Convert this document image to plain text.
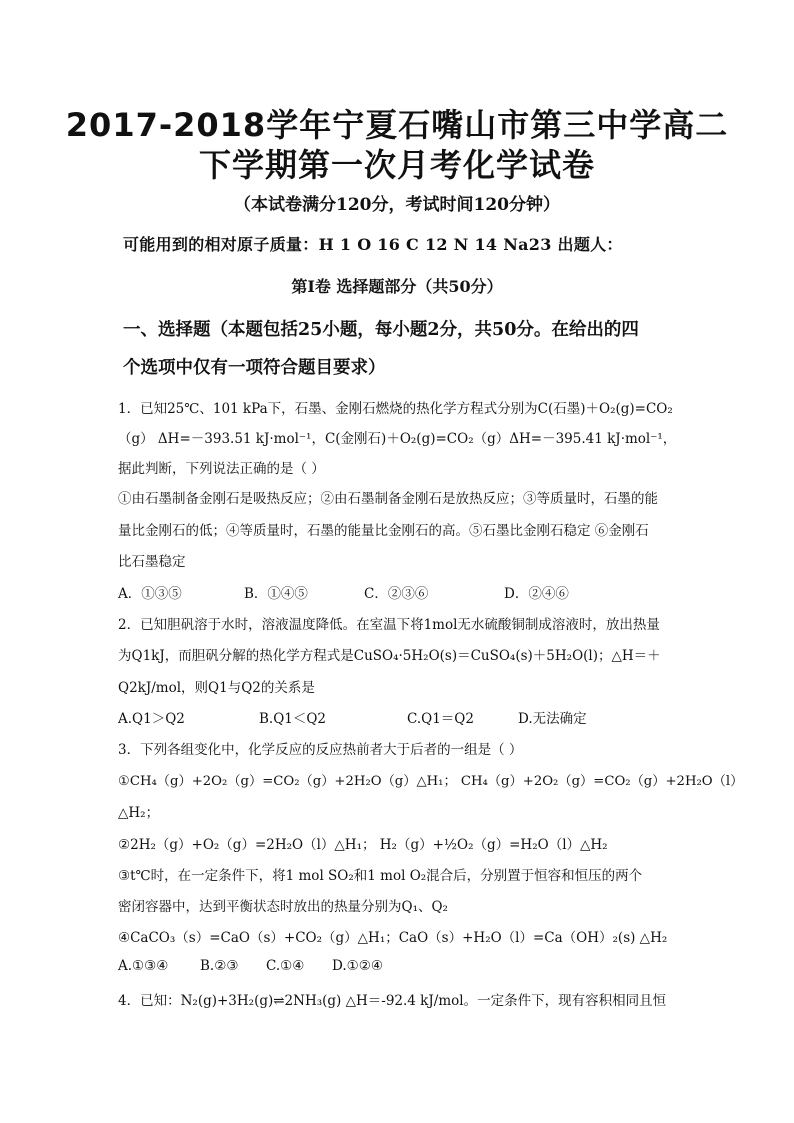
2017-2018学年宁夏石嘴山市第三中学高二
下学期第一次月考化学试卷
（本试卷满分120分，考试时间120分钟）
可能用到的相对原子质量：H 1 O 16 C 12 N 14 Na23 出题人：
第Ⅰ卷 选择题部分（共50分）
一、选择题（本题包括25小题，每小题2分，共50分。在给出的四
个选项中仅有一项符合题目要求）
1．已知25℃、101 kPa下，石墨、金刚石燃烧的热化学方程式分别为C(石墨)＋O₂(g)=CO₂
（g） ΔH=－393.51 kJ·mol⁻¹，C(金刚石)＋O₂(g)=CO₂（g）ΔH=－395.41 kJ·mol⁻¹，
据此判断，下列说法正确的是（ ）
①由石墨制备金刚石是吸热反应；②由石墨制备金刚石是放热反应；③等质量时，石墨的能
量比金刚石的低；④等质量时，石墨的能量比金刚石的高。⑤石墨比金刚石稳定 ⑥金刚石
比石墨稳定
A．①③⑤	B．①④⑤	C．②③⑥	D．②④⑥
2．已知胆矾溶于水时，溶液温度降低。在室温下将1mol无水硫酸铜制成溶液时，放出热量
为Q1kJ，而胆矾分解的热化学方程式是CuSO₄·5H₂O(s)＝CuSO₄(s)＋5H₂O(l)；△H＝＋
Q2kJ/mol，则Q1与Q2的关系是
A.Q1＞Q2	B.Q1＜Q2	C.Q1＝Q2	D.无法确定
3．下列各组变化中，化学反应的反应热前者大于后者的一组是（ ）
①CH₄（g）+2O₂（g）=CO₂（g）+2H₂O（g）△H₁； CH₄（g）+2O₂（g）=CO₂（g）+2H₂O（l）
△H₂；
②2H₂（g）+O₂（g）=2H₂O（l）△H₁； H₂（g）+½O₂（g）=H₂O（l）△H₂
③t℃时，在一定条件下，将1 mol SO₂和1 mol O₂混合后，分别置于恒容和恒压的两个
密闭容器中，达到平衡状态时放出的热量分别为Q₁、Q₂
④CaCO₃（s）=CaO（s）+CO₂（g）△H₁；CaO（s）+H₂O（l）=Ca（OH）₂(s) △H₂
A.①③④ B.②③ C.①④ D.①②④
4．已知：N₂(g)+3H₂(g)⇌2NH₃(g) △H＝-92.4 kJ/mol。一定条件下，现有容积相同且恒
